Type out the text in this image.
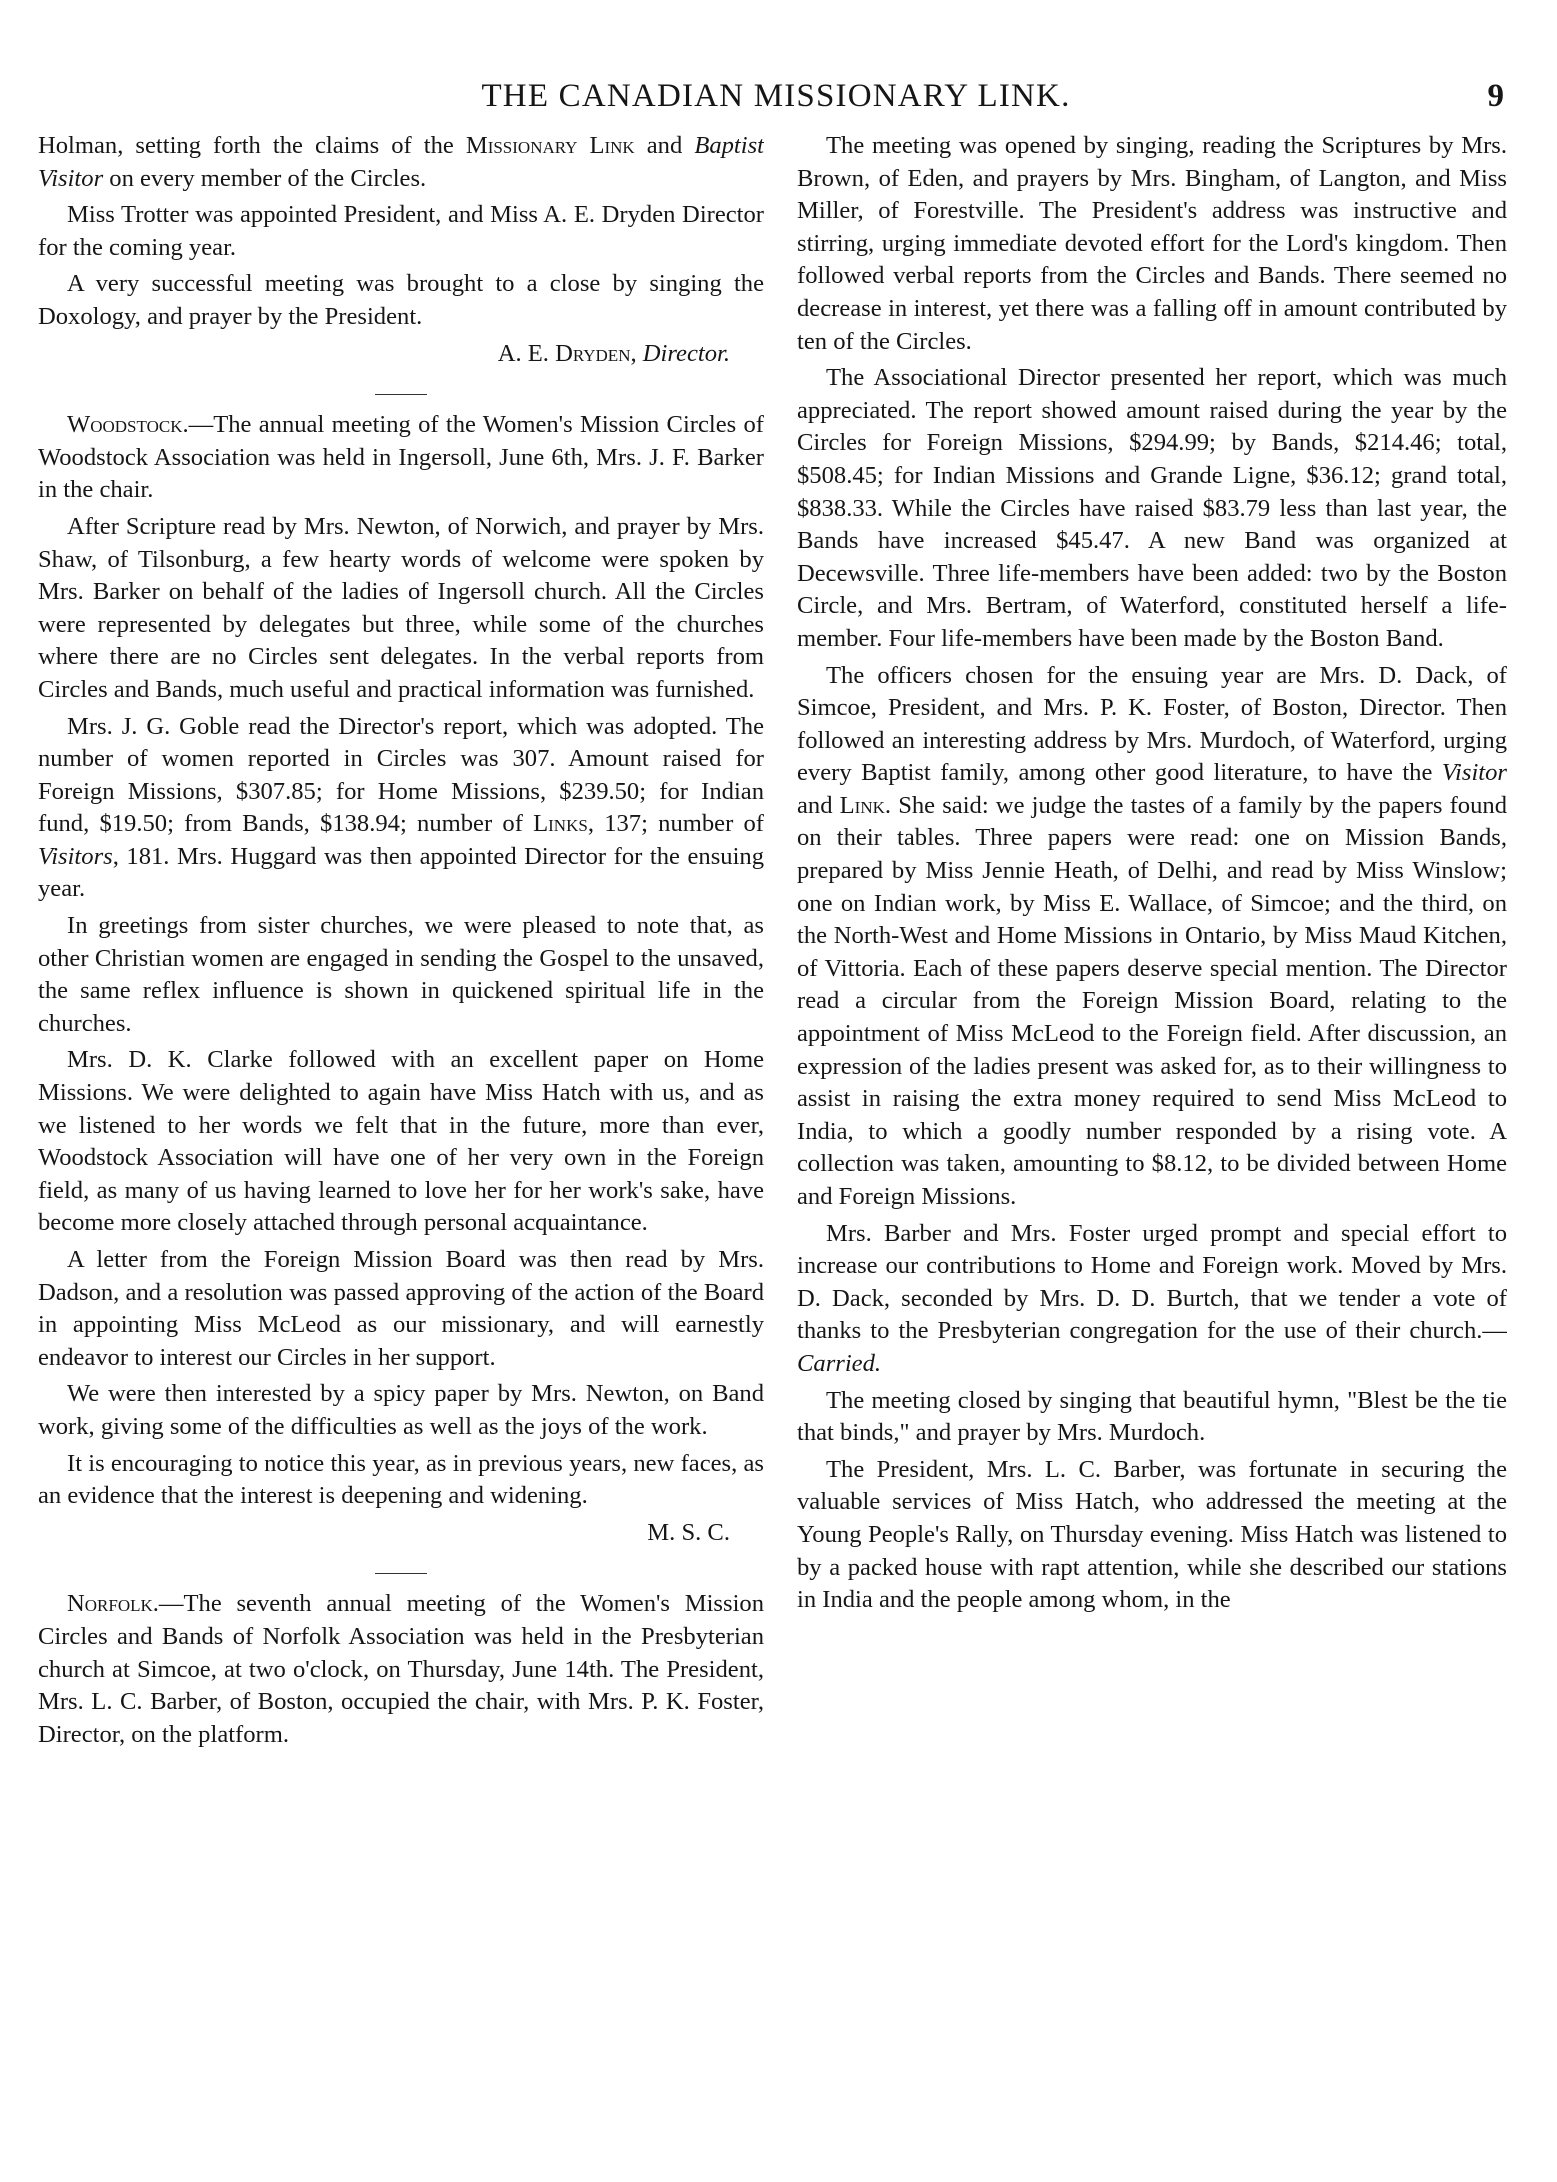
THE CANADIAN MISSIONARY LINK.	9

Holman, setting forth the claims of the Missionary Link and Baptist Visitor on every member of the Circles.

Miss Trotter was appointed President, and Miss A. E. Dryden Director for the coming year.

A very successful meeting was brought to a close by singing the Doxology, and prayer by the President.

A. E. Dryden, Director.

Woodstock.—The annual meeting of the Women's Mission Circles of Woodstock Association was held in Ingersoll, June 6th, Mrs. J. F. Barker in the chair.

After Scripture read by Mrs. Newton, of Norwich, and prayer by Mrs. Shaw, of Tilsonburg, a few hearty words of welcome were spoken by Mrs. Barker on behalf of the ladies of Ingersoll church. All the Circles were represented by delegates but three, while some of the churches where there are no Circles sent delegates. In the verbal reports from Circles and Bands, much useful and practical information was furnished.

Mrs. J. G. Goble read the Director's report, which was adopted. The number of women reported in Circles was 307. Amount raised for Foreign Missions, $307.85; for Home Missions, $239.50; for Indian fund, $19.50; from Bands, $138.94; number of Links, 137; number of Visitors, 181. Mrs. Huggard was then appointed Director for the ensuing year.

In greetings from sister churches, we were pleased to note that, as other Christian women are engaged in sending the Gospel to the unsaved, the same reflex influence is shown in quickened spiritual life in the churches.

Mrs. D. K. Clarke followed with an excellent paper on Home Missions. We were delighted to again have Miss Hatch with us, and as we listened to her words we felt that in the future, more than ever, Woodstock Association will have one of her very own in the Foreign field, as many of us having learned to love her for her work's sake, have become more closely attached through personal acquaintance.

A letter from the Foreign Mission Board was then read by Mrs. Dadson, and a resolution was passed approving of the action of the Board in appointing Miss McLeod as our missionary, and will earnestly endeavor to interest our Circles in her support.

We were then interested by a spicy paper by Mrs. Newton, on Band work, giving some of the difficulties as well as the joys of the work.

It is encouraging to notice this year, as in previous years, new faces, as an evidence that the interest is deepening and widening.

M. S. C.

Norfolk.—The seventh annual meeting of the Women's Mission Circles and Bands of Norfolk Association was held in the Presbyterian church at Simcoe, at two o'clock, on Thursday, June 14th. The President, Mrs. L. C. Barber, of Boston, occupied the chair, with Mrs. P. K. Foster, Director, on the platform.

The meeting was opened by singing, reading the Scriptures by Mrs. Brown, of Eden, and prayers by Mrs. Bingham, of Langton, and Miss Miller, of Forestville. The President's address was instructive and stirring, urging immediate devoted effort for the Lord's kingdom. Then followed verbal reports from the Circles and Bands. There seemed no decrease in interest, yet there was a falling off in amount contributed by ten of the Circles.

The Associational Director presented her report, which was much appreciated. The report showed amount raised during the year by the Circles for Foreign Missions, $294.99; by Bands, $214.46; total, $508.45; for Indian Missions and Grande Ligne, $36.12; grand total, $838.33. While the Circles have raised $83.79 less than last year, the Bands have increased $45.47. A new Band was organized at Decewsville. Three life-members have been added: two by the Boston Circle, and Mrs. Bertram, of Waterford, constituted herself a life-member. Four life-members have been made by the Boston Band.

The officers chosen for the ensuing year are Mrs. D. Dack, of Simcoe, President, and Mrs. P. K. Foster, of Boston, Director. Then followed an interesting address by Mrs. Murdoch, of Waterford, urging every Baptist family, among other good literature, to have the Visitor and Link. She said: we judge the tastes of a family by the papers found on their tables. Three papers were read: one on Mission Bands, prepared by Miss Jennie Heath, of Delhi, and read by Miss Winslow; one on Indian work, by Miss E. Wallace, of Simcoe; and the third, on the North-West and Home Missions in Ontario, by Miss Maud Kitchen, of Vittoria. Each of these papers deserve special mention. The Director read a circular from the Foreign Mission Board, relating to the appointment of Miss McLeod to the Foreign field. After discussion, an expression of the ladies present was asked for, as to their willingness to assist in raising the extra money required to send Miss McLeod to India, to which a goodly number responded by a rising vote. A collection was taken, amounting to $8.12, to be divided between Home and Foreign Missions.

Mrs. Barber and Mrs. Foster urged prompt and special effort to increase our contributions to Home and Foreign work. Moved by Mrs. D. Dack, seconded by Mrs. D. D. Burtch, that we tender a vote of thanks to the Presbyterian congregation for the use of their church.—Carried.

The meeting closed by singing that beautiful hymn, "Blest be the tie that binds," and prayer by Mrs. Murdoch.

The President, Mrs. L. C. Barber, was fortunate in securing the valuable services of Miss Hatch, who addressed the meeting at the Young People's Rally, on Thursday evening. Miss Hatch was listened to by a packed house with rapt attention, while she described our stations in India and the people among whom, in the
